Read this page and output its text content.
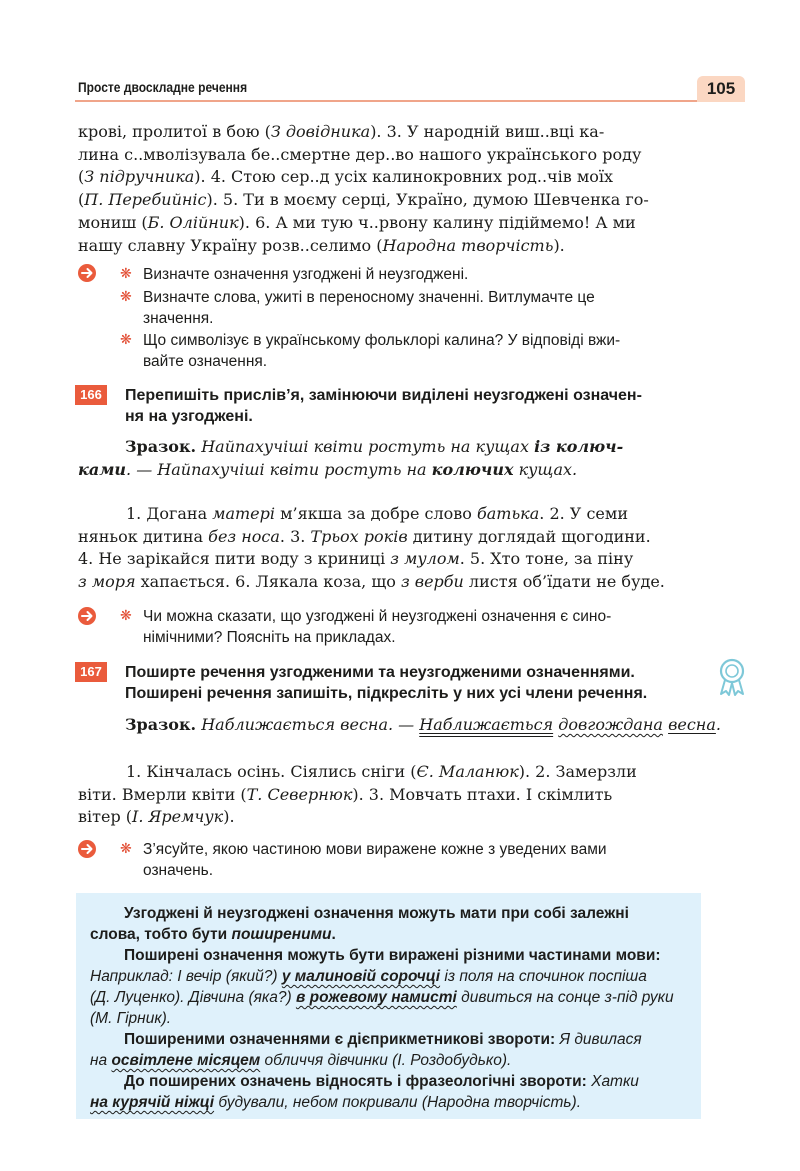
Просте двоскладне речення	105
крові, пролитої в бою (З довідника). 3. У народній виш..вці ка-
лина с..мволізувала бе..смертне дер..во нашого українського роду
(З підручника). 4. Стою сер..д усіх калинокровних род..чів моїх
(П. Перебийніс). 5. Ти в моєму серці, Україно, думою Шевченка го-
мониш (Б. Олійник). 6. А ми тую ч..рвону калину підіймемо! А ми
нашу славну Україну розв..селимо (Народна творчість).
❋
❋
❋
Визначте означення узгоджені й неузгоджені.
Визначте слова, ужиті в переносному значенні. Витлумачте це
значення.
Що символізує в українському фольклорі калина? У відповіді вжи-
вайте означення.
166	Перепишіть прислів’я, замінюючи виділені неузгоджені означен-
ня на узгоджені.
Зразок. Найпахучіші квіти ростуть на кущах із колюч-
ками. — Найпахучіші квіти ростуть на колючих кущах.
1. Догана матері м’якша за добре слово батька. 2. У семи
няньок дитина без носа. 3. Трьох років дитину доглядай щогодини.
4. Не зарікайся пити воду з криниці з мулом. 5. Хто тоне, за піну
з моря хапається. 6. Лякала коза, що з верби листя об’їдати не буде.
❋ Чи можна сказати, що узгоджені й неузгоджені означення є сино-
німічними? Поясніть на прикладах.
167	Поширте речення узгодженими та неузгодженими означеннями.
Поширені речення запишіть, підкресліть у них усі члени речення.
Зразок. Наближається весна. — Наближається довгождана весна.
1. Кінчалась осінь. Сіялись сніги (Є. Маланюк). 2. Замерзли
віти. Вмерли квіти (Т. Севернюк). 3. Мовчать птахи. І скімлить
вітер (І. Яремчук).
❋ З’ясуйте, якою частиною мови виражене кожне з уведених вами
означень.
Узгоджені й неузгоджені означення можуть мати при собі залежні
слова, тобто бути поширеними.
Поширені означення можуть бути виражені різними частинами мови:
Наприклад: І вечір (який?) у малиновій сорочці із поля на спочинок поспіша
(Д. Луценко). Дівчина (яка?) в рожевому намисті дивиться на сонце з-під руки
(М. Гірник).
Поширеними означеннями є дієприкметникові звороти: Я дивилася
на освітлене місяцем обличчя дівчинки (І. Роздобудько).
До поширених означень відносять і фразеологічні звороти: Хатки
на курячій ніжці будували, небом покривали (Народна творчість).
